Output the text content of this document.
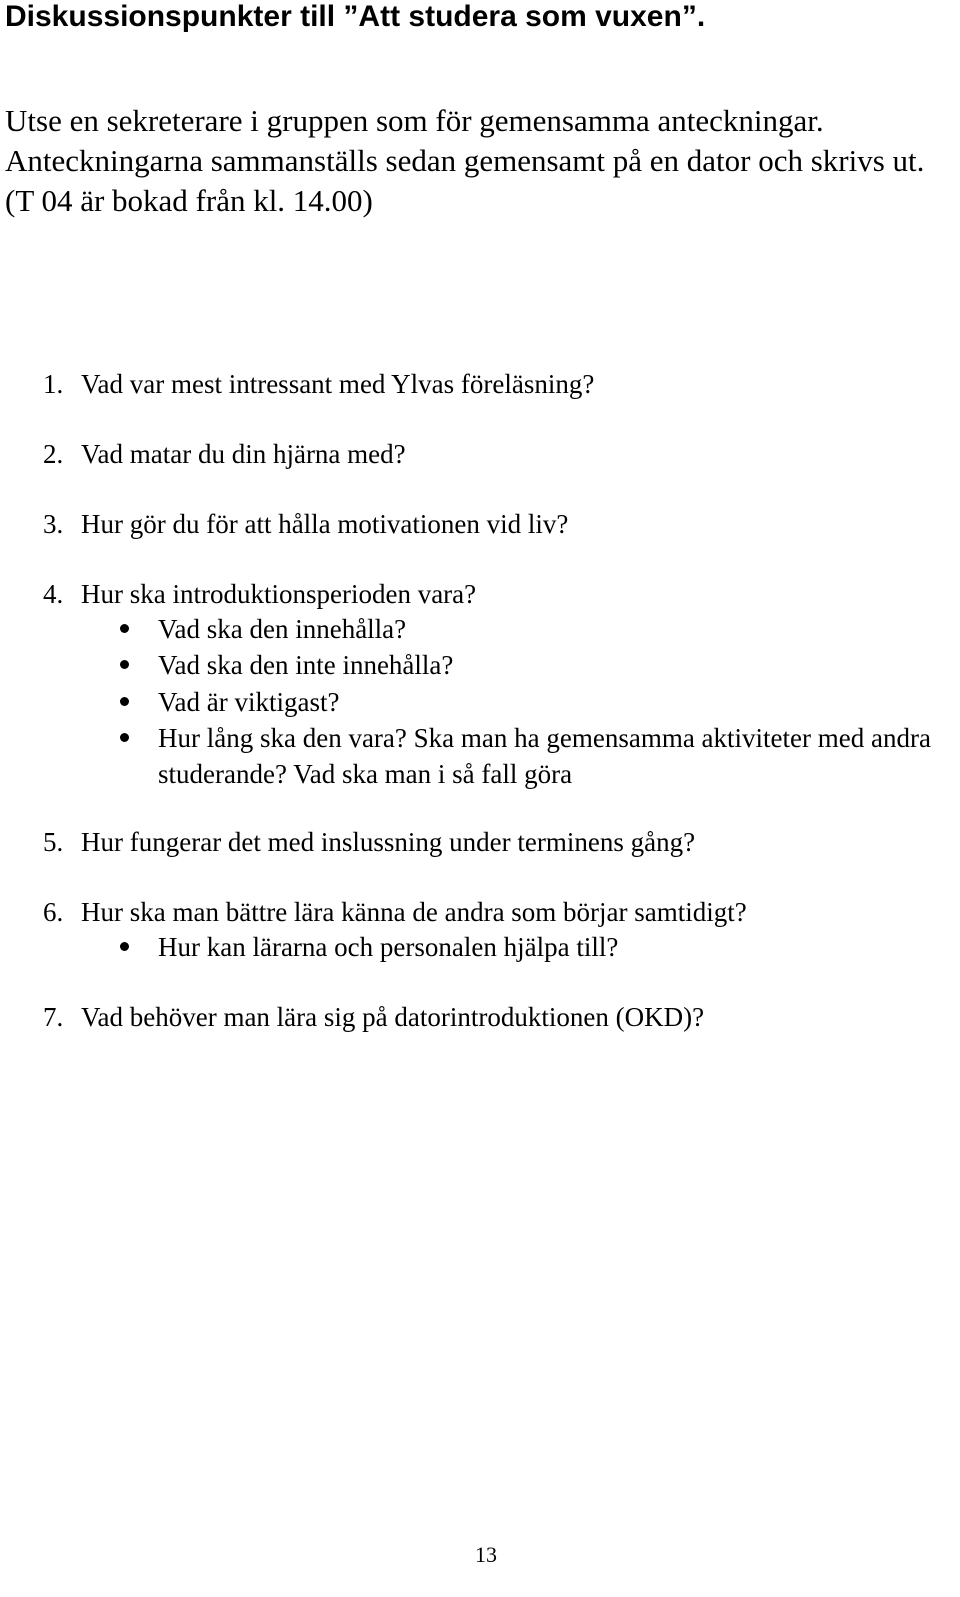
Diskussionspunkter till ”Att studera som vuxen”.

Utse en sekreterare i gruppen som för gemensamma anteckningar.

Anteckningarna sammanställs sedan gemensamt på en dator och skrivs ut.

(T 04 är bokad från kl. 14.00)

1. Vad var mest intressant med Ylvas föreläsning?
2. Vad matar du din hjärna med?
3. Hur gör du för att hålla motivationen vid liv?
4. Hur ska introduktionsperioden vara?
Vad ska den innehålla?
Vad ska den inte innehålla?
Vad är viktigast?
Hur lång ska den vara? Ska man ha gemensamma aktiviteter med andra studerande? Vad ska man i så fall göra
5. Hur fungerar det med inslussning under terminens gång?
6. Hur ska man bättre lära känna de andra som börjar samtidigt?
Hur kan lärarna och personalen hjälpa till?
7. Vad behöver man lära sig på datorintroduktionen (OKD)?
13
